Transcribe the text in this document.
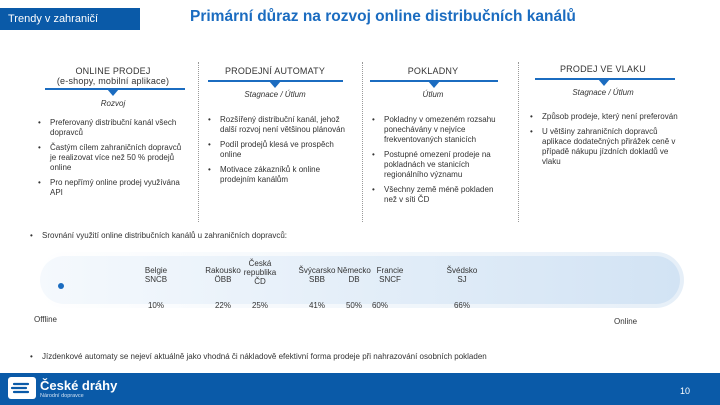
Trendy v zahraničí	Primární důraz na rozvoj online distribučních kanálů
ONLINE PRODEJ
(e-shopy, mobilní aplikace)
Rozvoj
• Preferovaný distribuční kanál všech dopravců
• Častým cílem zahraničních dopravců je realizovat více než 50 % prodejů online
• Pro nepřímý online prodej využívána API
PRODEJNÍ AUTOMATY
Stagnace / Útlum
• Rozšířený distribuční kanál, jehož další rozvoj není většinou plánován
• Podíl prodejů klesá ve prospěch online
• Motivace zákazníků k online prodejním kanálům
POKLADNY
Útlum
• Pokladny v omezeném rozsahu ponechávány v nejvíce frekventovaných stanicích
• Postupné omezení prodeje na pokladnách ve stanicích regionálního významu
• Všechny země méně pokladen než v síti ČD
PRODEJ VE VLAKU
Stagnace / Útlum
• Způsob prodeje, který není preferován
• U většiny zahraničních dopravců aplikace dodatečných přirážek ceně v případě nákupu jízdních dokladů ve vlaku
• Srovnání využití online distribučních kanálů u zahraničních dopravců:
Offline	Online
Belgie
SNCB
10%
Rakousko
ÖBB
22%
Česká republika
ČD
25%
Švýcarsko
SBB
41%
Německo
DB
50%
Francie
SNCF
60%
Švédsko
SJ
66%
• Jízdenkové automaty se nejeví aktuálně jako vhodná či nákladově efektivní forma prodeje při nahrazování osobních pokladen
České dráhy
Národní dopravce	10
